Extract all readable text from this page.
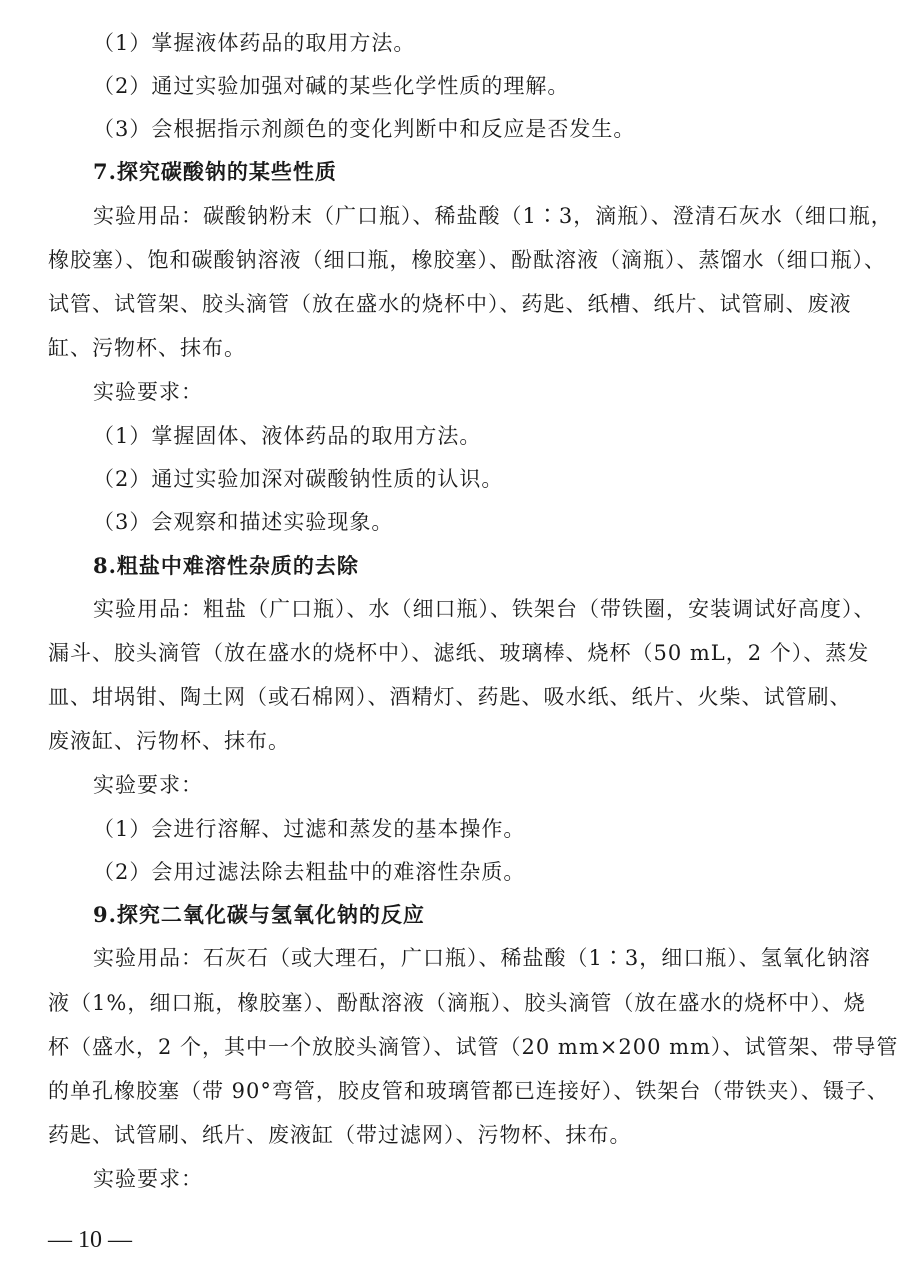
（1）掌握液体药品的取用方法。
（2）通过实验加强对碱的某些化学性质的理解。
（3）会根据指示剂颜色的变化判断中和反应是否发生。
7.探究碳酸钠的某些性质
实验用品：碳酸钠粉末（广口瓶）、稀盐酸（1∶3，滴瓶）、澄清石灰水（细口瓶，
橡胶塞）、饱和碳酸钠溶液（细口瓶，橡胶塞）、酚酞溶液（滴瓶）、蒸馏水（细口瓶）、
试管、试管架、胶头滴管（放在盛水的烧杯中）、药匙、纸槽、纸片、试管刷、废液
缸、污物杯、抹布。
实验要求：
（1）掌握固体、液体药品的取用方法。
（2）通过实验加深对碳酸钠性质的认识。
（3）会观察和描述实验现象。
8.粗盐中难溶性杂质的去除
实验用品：粗盐（广口瓶）、水（细口瓶）、铁架台（带铁圈，安装调试好高度）、
漏斗、胶头滴管（放在盛水的烧杯中）、滤纸、玻璃棒、烧杯（50 mL，2 个）、蒸发
皿、坩埚钳、陶土网（或石棉网）、酒精灯、药匙、吸水纸、纸片、火柴、试管刷、
废液缸、污物杯、抹布。
实验要求：
（1）会进行溶解、过滤和蒸发的基本操作。
（2）会用过滤法除去粗盐中的难溶性杂质。
9.探究二氧化碳与氢氧化钠的反应
实验用品：石灰石（或大理石，广口瓶）、稀盐酸（1∶3，细口瓶）、氢氧化钠溶
液（1%，细口瓶，橡胶塞）、酚酞溶液（滴瓶）、胶头滴管（放在盛水的烧杯中）、烧
杯（盛水，2 个，其中一个放胶头滴管）、试管（20 mm×200 mm）、试管架、带导管
的单孔橡胶塞（带 90°弯管，胶皮管和玻璃管都已连接好）、铁架台（带铁夹）、镊子、
药匙、试管刷、纸片、废液缸（带过滤网）、污物杯、抹布。
实验要求：
— 10 —
